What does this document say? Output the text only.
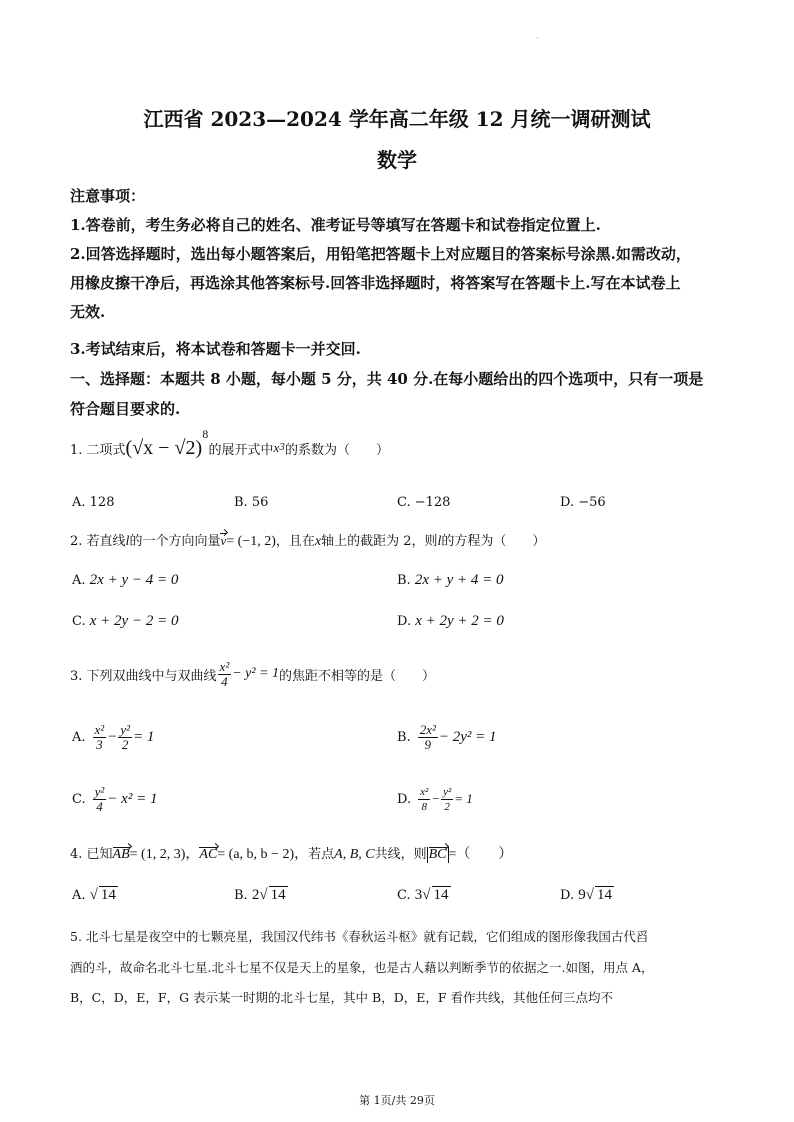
·
江西省 2023—2024 学年高二年级 12 月统一调研测试
数学
注意事项：
1.答卷前，考生务必将自己的姓名、准考证号等填写在答题卡和试卷指定位置上.
2.回答选择题时，选出每小题答案后，用铅笔把答题卡上对应题目的答案标号涂黑.如需改动，
用橡皮擦干净后，再选涂其他答案标号.回答非选择题时，将答案写在答题卡上.写在本试卷上
无效.
3.考试结束后，将本试卷和答题卡一并交回.
一、选择题：本题共 8 小题，每小题 5 分，共 40 分.在每小题给出的四个选项中，只有一项是
符合题目要求的.
1. 二项式 (√x − √2)
8
的展开式中 x 3 的系数为（　　）
A. 128	B. 56	C. −128	D. −56
2. 若直线l的一个方向向量v= (−1, 2)，且在x轴上的截距为 2，则l的方程为（　　）
A. 2x + y − 4 = 0	B. 2x + y + 4 = 0
C. x + 2y − 2 = 0	D. x + 2y + 2 = 0
3. 下列双曲线中与双曲线 $\frac{\text{x²}}{4} - y^2 = 1$ 的焦距不相等的是（　　）
A. $\frac{\text{x²}}{3} - \frac{\text{y²}}{2} = 1$	B. $\frac{\text{2x²}}{9} - 2y^2 = 1$
C. $\frac{\text{y²}}{4} - x^2 = 1$	D. $\frac{\text{x²}}{8} - \frac{\text{y²}}{2} = 1$
4. 已知AB= (1, 2, 3)，AC= (a, b, b − 2)，若点A, B, C共线，则 BC =（　　）
A. √ 14	B. 2√ 14	C. 3√ 14	D. 9√ 14
5. 北斗七星是夜空中的七颗亮星，我国汉代纬书《春秋运斗枢》就有记载，它们组成的图形像我国古代舀
酒的斗，故命名北斗七星.北斗七星不仅是天上的星象，也是古人藉以判断季节的依据之一.如图，用点 A，
B，C，D，E，F，G 表示某一时期的北斗七星，其中 B，D，E，F 看作共线，其他任何三点均不
第 1页/共 29页
